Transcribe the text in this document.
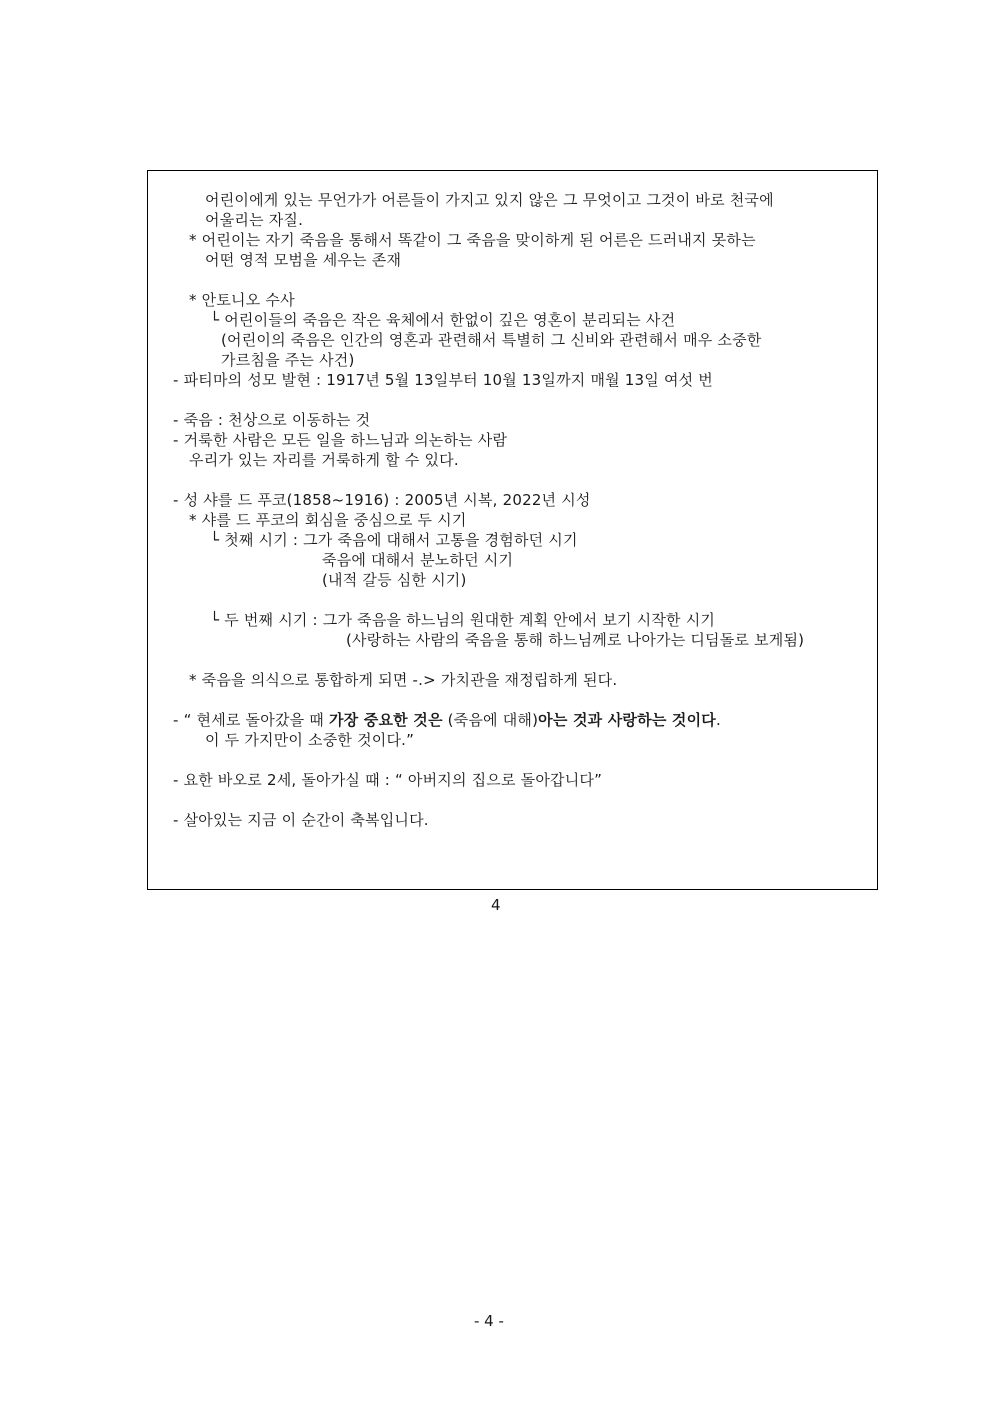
어린이에게 있는 무언가가 어른들이 가지고 있지 않은 그 무엇이고 그것이 바로 천국에
어울리는 자질.
* 어린이는 자기 죽음을 통해서 똑같이 그 죽음을 맞이하게 된 어른은 드러내지 못하는
어떤 영적 모범을 세우는 존재
* 안토니오 수사
└ 어린이들의 죽음은 작은 육체에서 한없이 깊은 영혼이 분리되는 사건
(어린이의 죽음은 인간의 영혼과 관련해서 특별히 그 신비와 관련해서 매우 소중한
가르침을 주는 사건)
- 파티마의 성모 발현 : 1917년 5월 13일부터 10월 13일까지 매월 13일 여섯 번
- 죽음 : 천상으로 이동하는 것
- 거룩한 사람은 모든 일을 하느님과 의논하는 사람
우리가 있는 자리를 거룩하게 할 수 있다.
- 성 샤를 드 푸코(1858~1916) : 2005년 시복, 2022년 시성
* 샤를 드 푸코의 회심을 중심으로 두 시기
└ 첫째 시기 : 그가 죽음에 대해서 고통을 경험하던 시기
죽음에 대해서 분노하던 시기
(내적 갈등 심한 시기)
└ 두 번째 시기 : 그가 죽음을 하느님의 원대한 계획 안에서 보기 시작한 시기
(사랑하는 사람의 죽음을 통해 하느님께로 나아가는 디딤돌로 보게됨)
* 죽음을 의식으로 통합하게 되면 -.> 가치관을 재정립하게 된다.
- “ 현세로 돌아갔을 때 가장 중요한 것은 (죽음에 대해)아는 것과 사랑하는 것이다.
이 두 가지만이 소중한 것이다.”
- 요한 바오로 2세, 돌아가실 때 : “ 아버지의 집으로 돌아갑니다”
- 살아있는 지금 이 순간이 축복입니다.
4
- 4 -
